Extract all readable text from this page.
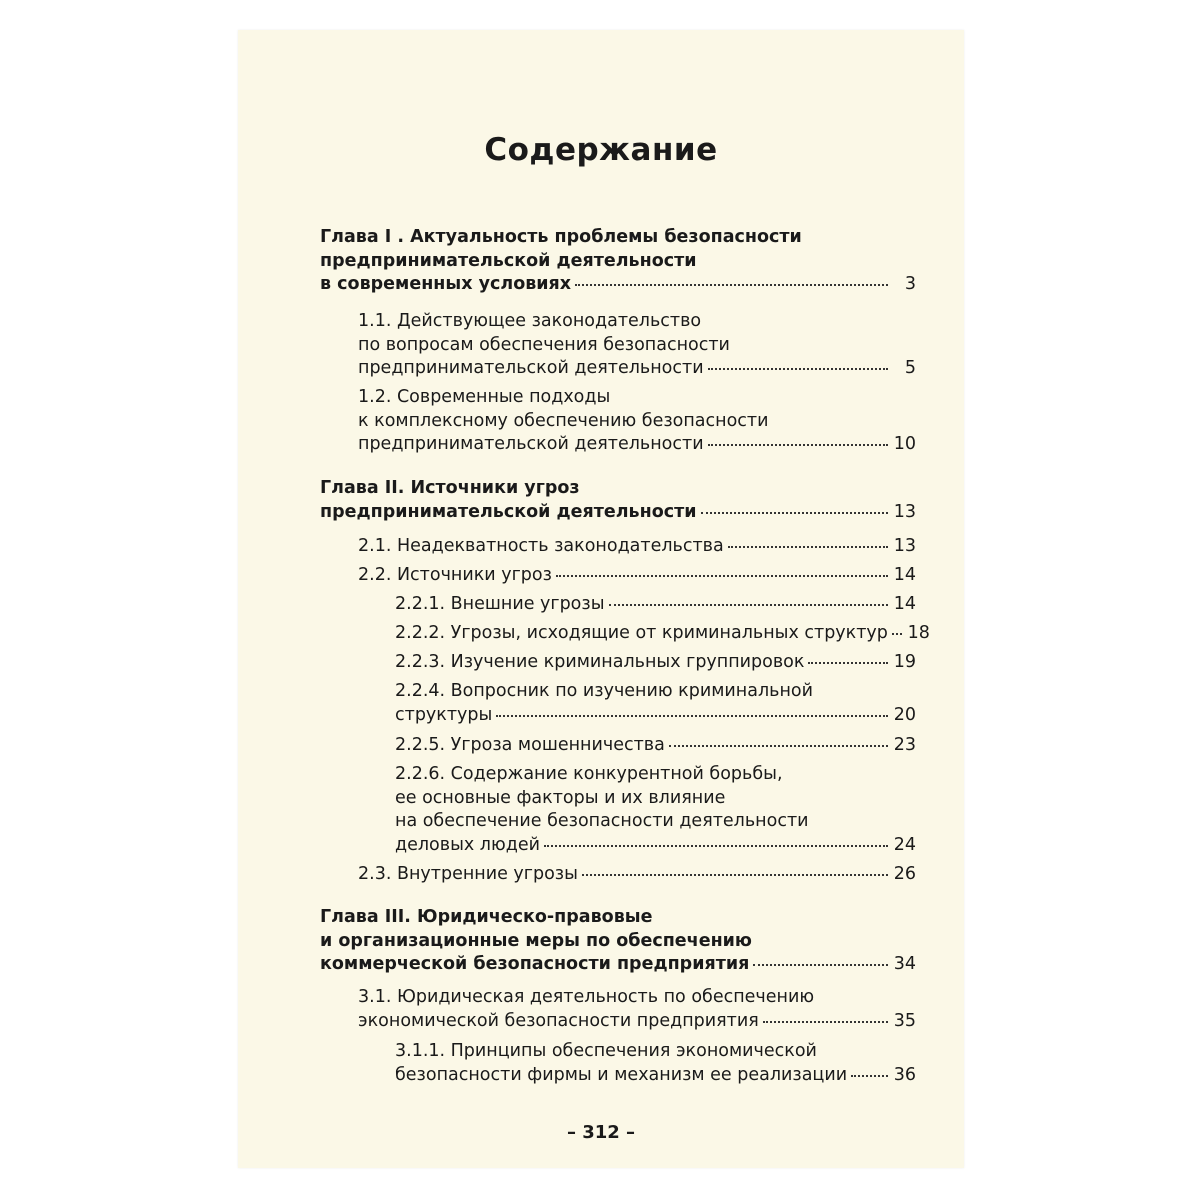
Содержание
Глава I . Актуальность проблемы безопасности
предпринимательской деятельности
в современных условиях	3
1.1. Действующее законодательство
по вопросам обеспечения безопасности
предпринимательской деятельности	5
1.2. Современные подходы
к комплексному обеспечению безопасности
предпринимательской деятельности	10
Глава II. Источники угроз
предпринимательской деятельности	13
2.1. Неадекватность законодательства	13
2.2. Источники угроз	14
2.2.1. Внешние угрозы	14
2.2.2. Угрозы, исходящие от криминальных структур 18
2.2.3. Изучение криминальных группировок	19
2.2.4. Вопросник по изучению криминальной
структуры	20
2.2.5. Угроза мошенничества	23
2.2.6. Содержание конкурентной борьбы,
ее основные факторы и их влияние
на обеспечение безопасности деятельности
деловых людей	24
2.3. Внутренние угрозы	26
Глава III. Юридическо-правовые
и организационные меры по обеспечению
коммерческой безопасности предприятия	34
3.1. Юридическая деятельность по обеспечению
экономической безопасности предприятия	35
3.1.1. Принципы обеспечения экономической
безопасности фирмы и механизм ее реализации	36
– 312 –
